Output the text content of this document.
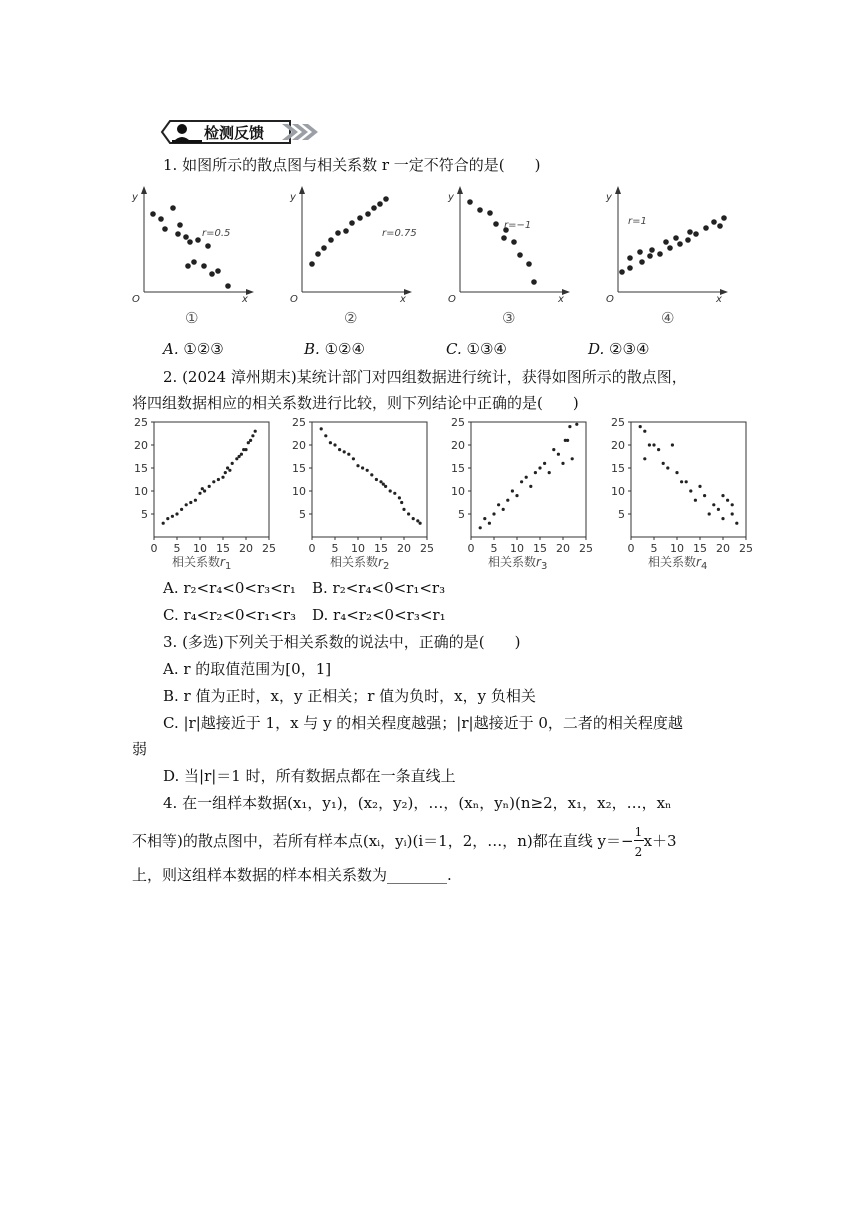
检测反馈
1. 如图所示的散点图与相关系数 r 一定不符合的是(　　)
y
x
O
r=0.5
y
x
O
r=0.75
y
x
O
r=−1
y
x
O
r=1
①	②	③	④
A. ①②③	B. ①②④	C. ①③④	D. ②③④
2. (2024 漳州期末)某统计部门对四组数据进行统计，获得如图所示的散点图，
将四组数据相应的相关系数进行比较，则下列结论中正确的是(　　)
5
10
15
20
25
0 5 10 15 20 25
5
10
15
20
25
0 5 10 15 20 25
5
10
15
20
25
0 5 10 15 20 25
5
10
15
20
25
0 5 10 15 20 25
相关系数$r_1$	相关系数$r_2$	相关系数$r_3$	相关系数$r_4$
A. r₂<r₄<0<r₃<r₁ B. r₂<r₄<0<r₁<r₃
C. r₄<r₂<0<r₁<r₃ D. r₄<r₂<0<r₃<r₁
3. (多选)下列关于相关系数的说法中，正确的是(　　)
A. r 的取值范围为[0，1]
B. r 值为正时，x，y 正相关；r 值为负时，x，y 负相关
C. |r|越接近于 1，x 与 y 的相关程度越强；|r|越接近于 0，二者的相关程度越
弱
D. 当|r|＝1 时，所有数据点都在一条直线上
4. 在一组样本数据(x₁，y₁)，(x₂，y₂)，…，(xₙ，yₙ)(n≥2，x₁，x₂，…，xₙ
不相等)的散点图中，若所有样本点(xᵢ，yᵢ)(i＝1，2，…，n)都在直线 $y=- \frac{1}{2} x+3$
上，则这组样本数据的样本相关系数为________.
